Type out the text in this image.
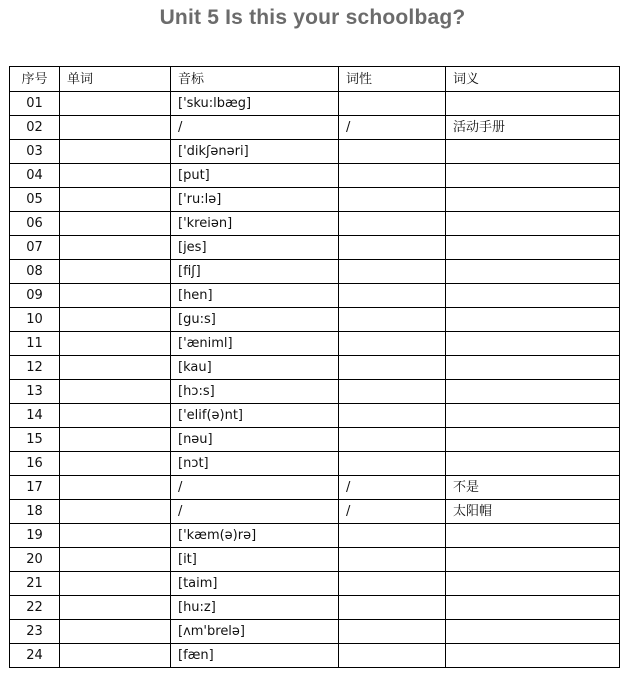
Unit 5 Is this your schoolbag?
序号	单词	音标	词性	词义
01		['sku:lbæg]		
02		/	/	活动手册
03		['dikʃənəri]		
04		[put]		
05		['ru:lə]		
06		['kreiən]		
07		[jes]		
08		[fiʃ]		
09		[hen]		
10		[gu:s]		
11		['æniml]		
12		[kau]		
13		[hɔ:s]		
14		['elif(ə)nt]		
15		[nəu]		
16		[nɔt]		
17		/	/	不是
18		/	/	太阳帽
19		['kæm(ə)rə]		
20		[it]		
21		[taim]		
22		[hu:z]		
23		[ʌm'brelə]		
24		[fæn]		
